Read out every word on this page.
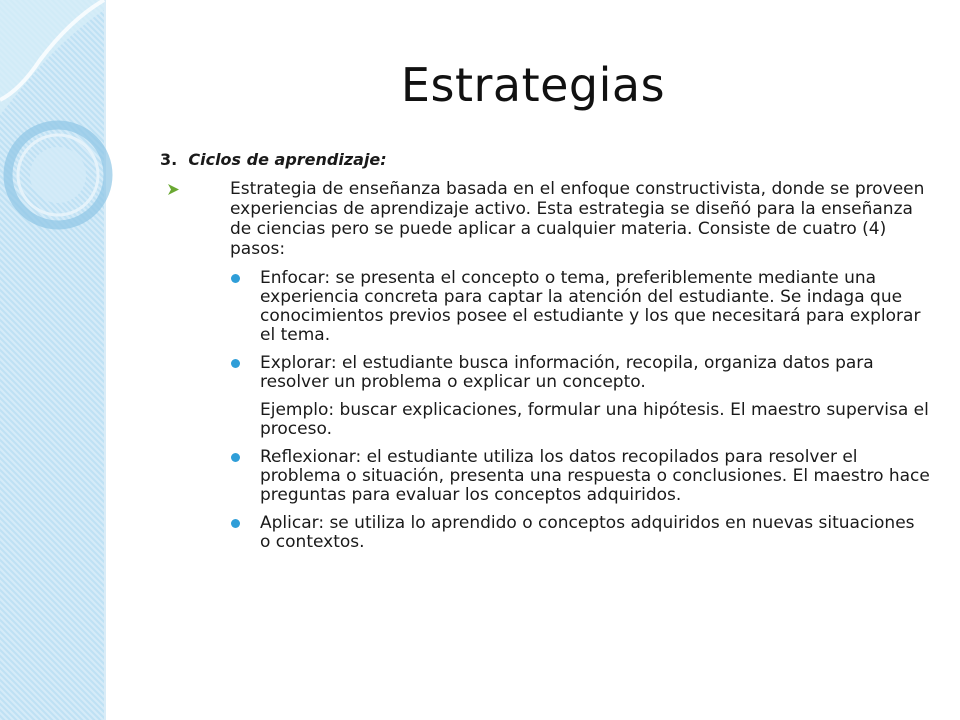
Estrategias
3. Ciclos de aprendizaje:
Estrategia de enseñanza basada en el enfoque constructivista, donde se proveen experiencias de aprendizaje activo. Esta estrategia se diseñó para la enseñanza de ciencias pero se puede aplicar a cualquier materia. Consiste de cuatro (4) pasos:
Enfocar: se presenta el concepto o tema, preferiblemente mediante una experiencia concreta para captar la atención del estudiante. Se indaga que conocimientos previos posee el estudiante y los que necesitará para explorar el tema.
Explorar: el estudiante busca información, recopila, organiza datos para resolver un problema o explicar un concepto.
Ejemplo: buscar explicaciones, formular una hipótesis. El maestro supervisa el proceso.
Reflexionar: el estudiante utiliza los datos recopilados para resolver el problema o situación, presenta una respuesta o conclusiones. El maestro hace preguntas para evaluar los conceptos adquiridos.
Aplicar: se utiliza lo aprendido o conceptos adquiridos en nuevas situaciones o contextos.
